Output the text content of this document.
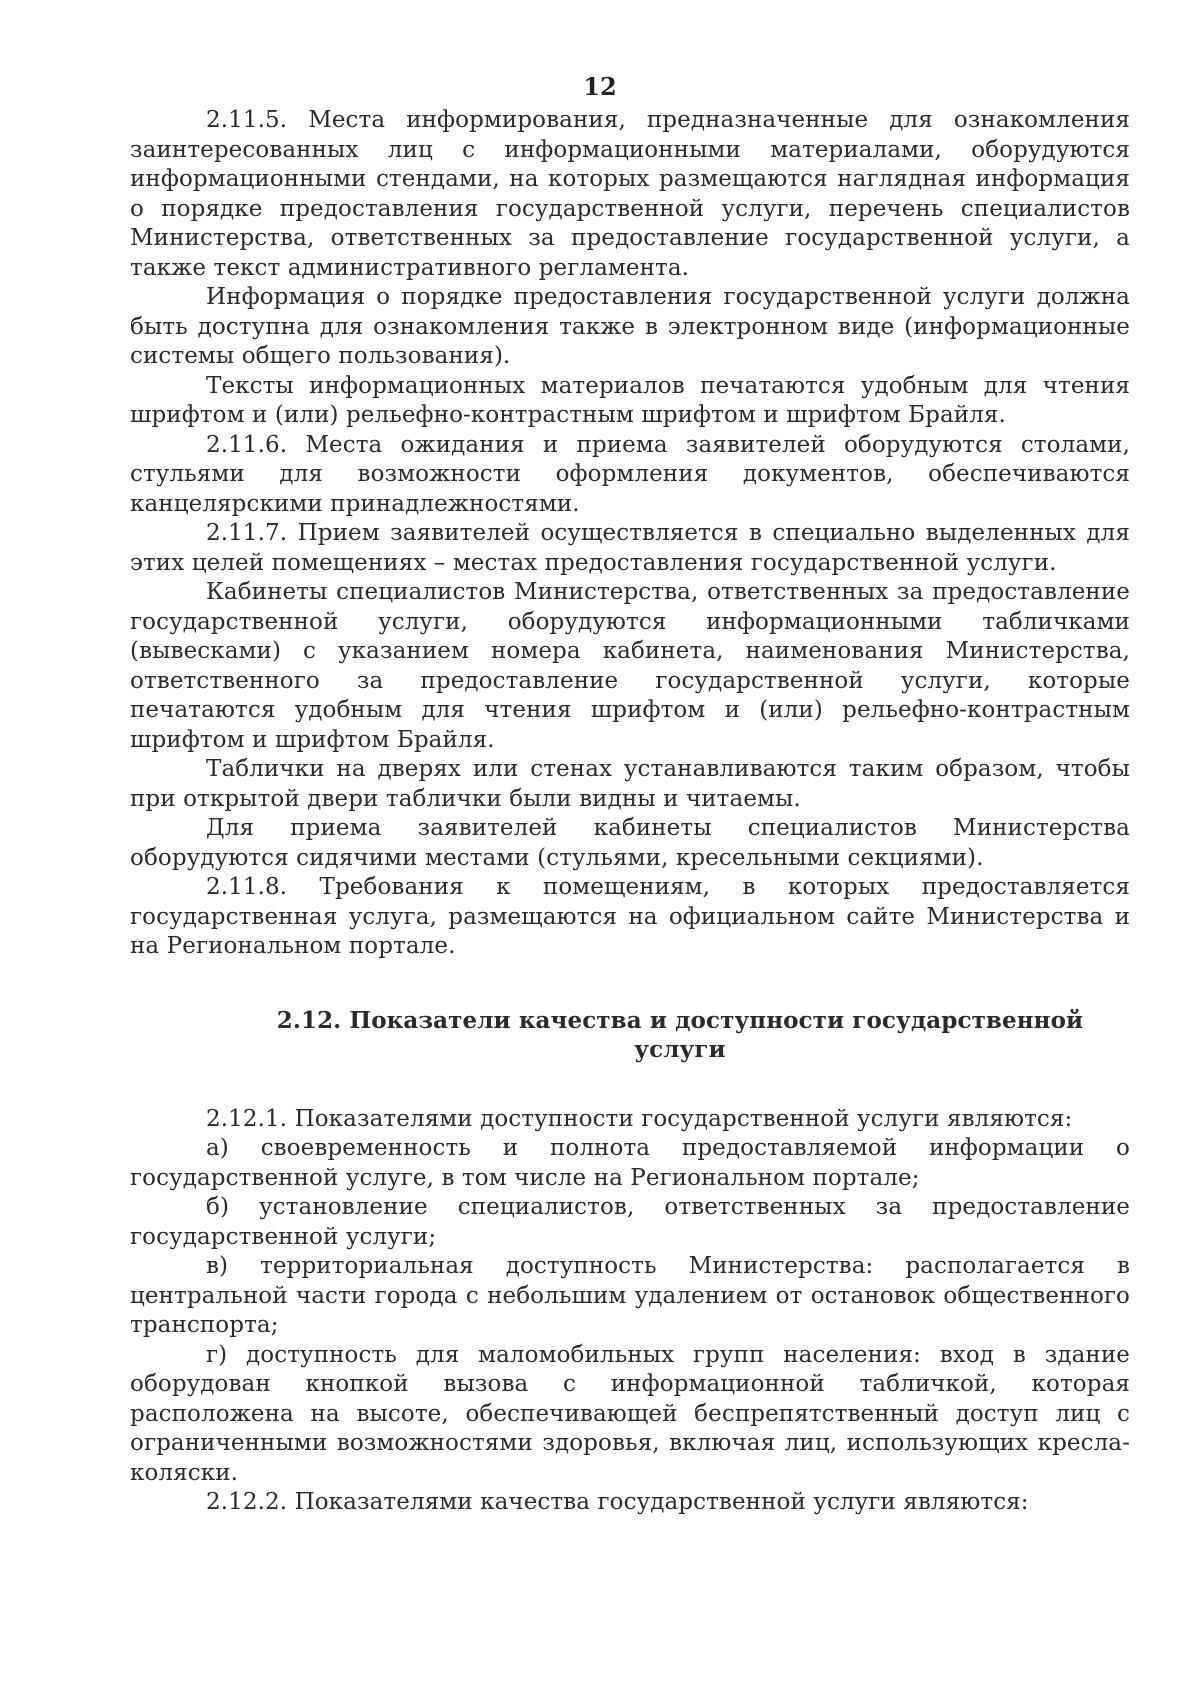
12

2.11.5. Места информирования, предназначенные для ознакомления заинтересованных лиц с информационными материалами, оборудуются информационными стендами, на которых размещаются наглядная информация о порядке предоставления государственной услуги, перечень специалистов Министерства, ответственных за предоставление государственной услуги, а также текст административного регламента.

Информация о порядке предоставления государственной услуги должна быть доступна для ознакомления также в электронном виде (информационные системы общего пользования).

Тексты информационных материалов печатаются удобным для чтения шрифтом и (или) рельефно-контрастным шрифтом и шрифтом Брайля.

2.11.6. Места ожидания и приема заявителей оборудуются столами, стульями для возможности оформления документов, обеспечиваются канцелярскими принадлежностями.

2.11.7. Прием заявителей осуществляется в специально выделенных для этих целей помещениях – местах предоставления государственной услуги.

Кабинеты специалистов Министерства, ответственных за предоставление государственной услуги, оборудуются информационными табличками (вывесками) с указанием номера кабинета, наименования Министерства, ответственного за предоставление государственной услуги, которые печатаются удобным для чтения шрифтом и (или) рельефно-контрастным шрифтом и шрифтом Брайля.

Таблички на дверях или стенах устанавливаются таким образом, чтобы при открытой двери таблички были видны и читаемы.

Для приема заявителей кабинеты специалистов Министерства оборудуются сидячими местами (стульями, кресельными секциями).

2.11.8. Требования к помещениям, в которых предоставляется государственная услуга, размещаются на официальном сайте Министерства и на Региональном портале.

2.12. Показатели качества и доступности государственной услуги

2.12.1. Показателями доступности государственной услуги являются:

а) своевременность и полнота предоставляемой информации о государственной услуге, в том числе на Региональном портале;

б) установление специалистов, ответственных за предоставление государственной услуги;

в) территориальная доступность Министерства: располагается в центральной части города с небольшим удалением от остановок общественного транспорта;

г) доступность для маломобильных групп населения: вход в здание оборудован кнопкой вызова с информационной табличкой, которая расположена на высоте, обеспечивающей беспрепятственный доступ лиц с ограниченными возможностями здоровья, включая лиц, использующих кресла-коляски.

2.12.2. Показателями качества государственной услуги являются:
